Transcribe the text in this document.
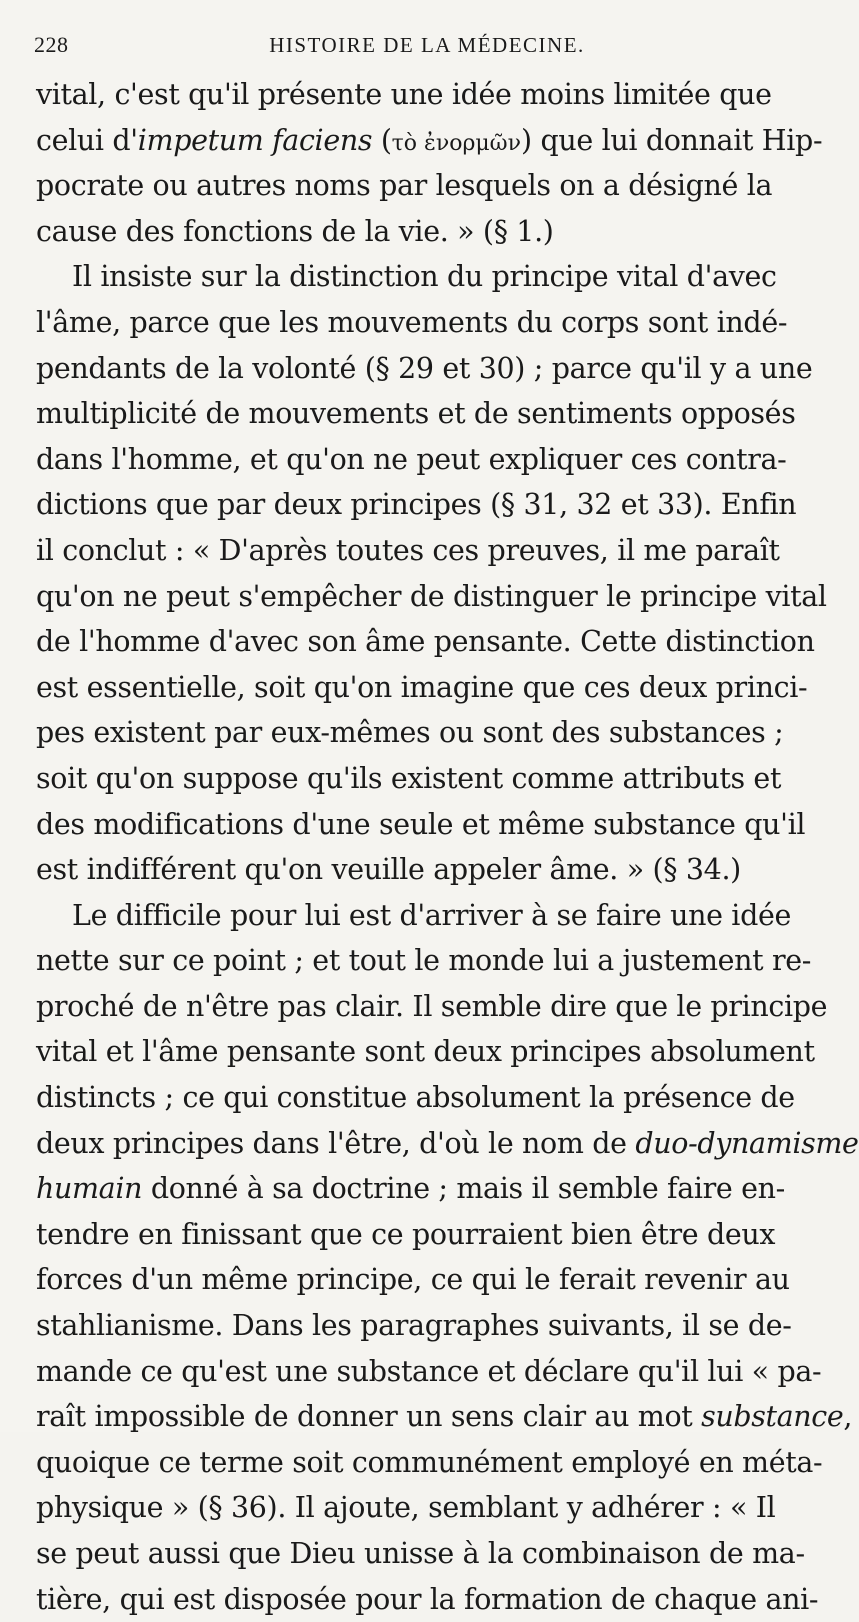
228	HISTOIRE DE LA MÉDECINE.
vital, c'est qu'il présente une idée moins limitée que
celui d'impetum faciens (τὸ ἐνορμῶν) que lui donnait Hip-
pocrate ou autres noms par lesquels on a désigné la
cause des fonctions de la vie. » (§ 1.)
Il insiste sur la distinction du principe vital d'avec
l'âme, parce que les mouvements du corps sont indé-
pendants de la volonté (§ 29 et 30) ; parce qu'il y a une
multiplicité de mouvements et de sentiments opposés
dans l'homme, et qu'on ne peut expliquer ces contra-
dictions que par deux principes (§ 31, 32 et 33). Enfin
il conclut : « D'après toutes ces preuves, il me paraît
qu'on ne peut s'empêcher de distinguer le principe vital
de l'homme d'avec son âme pensante. Cette distinction
est essentielle, soit qu'on imagine que ces deux princi-
pes existent par eux-mêmes ou sont des substances ;
soit qu'on suppose qu'ils existent comme attributs et
des modifications d'une seule et même substance qu'il
est indifférent qu'on veuille appeler âme. » (§ 34.)
Le difficile pour lui est d'arriver à se faire une idée
nette sur ce point ; et tout le monde lui a justement re-
proché de n'être pas clair. Il semble dire que le principe
vital et l'âme pensante sont deux principes absolument
distincts ; ce qui constitue absolument la présence de
deux principes dans l'être, d'où le nom de duo-dynamisme
humain donné à sa doctrine ; mais il semble faire en-
tendre en finissant que ce pourraient bien être deux
forces d'un même principe, ce qui le ferait revenir au
stahlianisme. Dans les paragraphes suivants, il se de-
mande ce qu'est une substance et déclare qu'il lui « pa-
raît impossible de donner un sens clair au mot substance,
quoique ce terme soit communément employé en méta-
physique » (§ 36). Il ajoute, semblant y adhérer : « Il
se peut aussi que Dieu unisse à la combinaison de ma-
tière, qui est disposée pour la formation de chaque ani-
